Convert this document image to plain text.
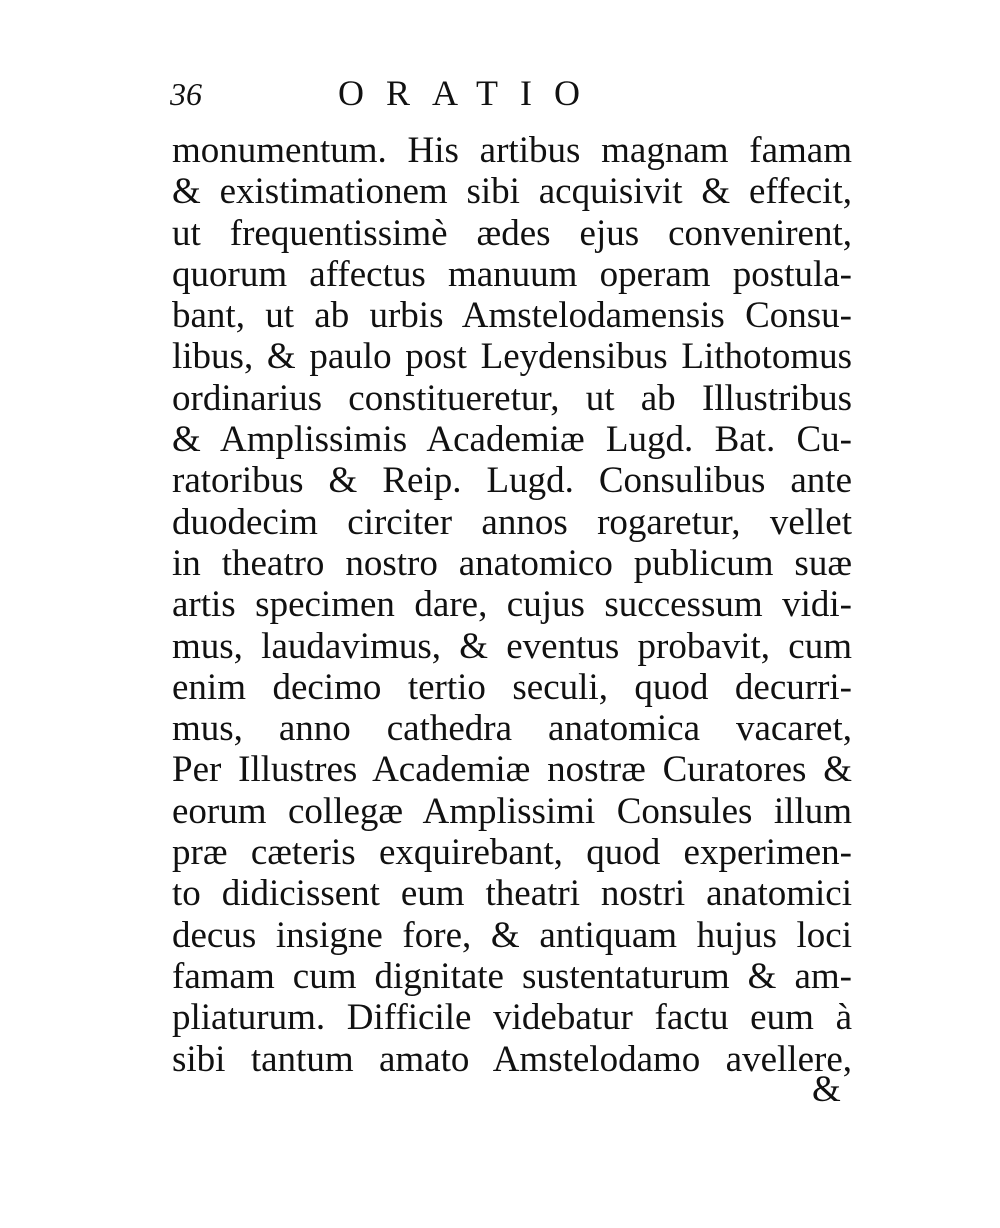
36	ORATIO
monumentum. His artibus magnam famam
& existimationem sibi acquisivit & effecit,
ut frequentissimè ædes ejus convenirent,
quorum affectus manuum operam postula-
bant, ut ab urbis Amstelodamensis Consu-
libus, & paulo post Leydensibus Lithotomus
ordinarius constitueretur, ut ab Illustribus
& Amplissimis Academiæ Lugd. Bat. Cu-
ratoribus & Reip. Lugd. Consulibus ante
duodecim circiter annos rogaretur, vellet
in theatro nostro anatomico publicum suæ
artis specimen dare, cujus successum vidi-
mus, laudavimus, & eventus probavit, cum
enim decimo tertio seculi, quod decurri-
mus, anno cathedra anatomica vacaret,
Per Illustres Academiæ nostræ Curatores &
eorum collegæ Amplissimi Consules illum
præ cæteris exquirebant, quod experimen-
to didicissent eum theatri nostri anatomici
decus insigne fore, & antiquam hujus loci
famam cum dignitate sustentaturum & am-
pliaturum. Difficile videbatur factu eum à
sibi tantum amato Amstelodamo avellere,
&
